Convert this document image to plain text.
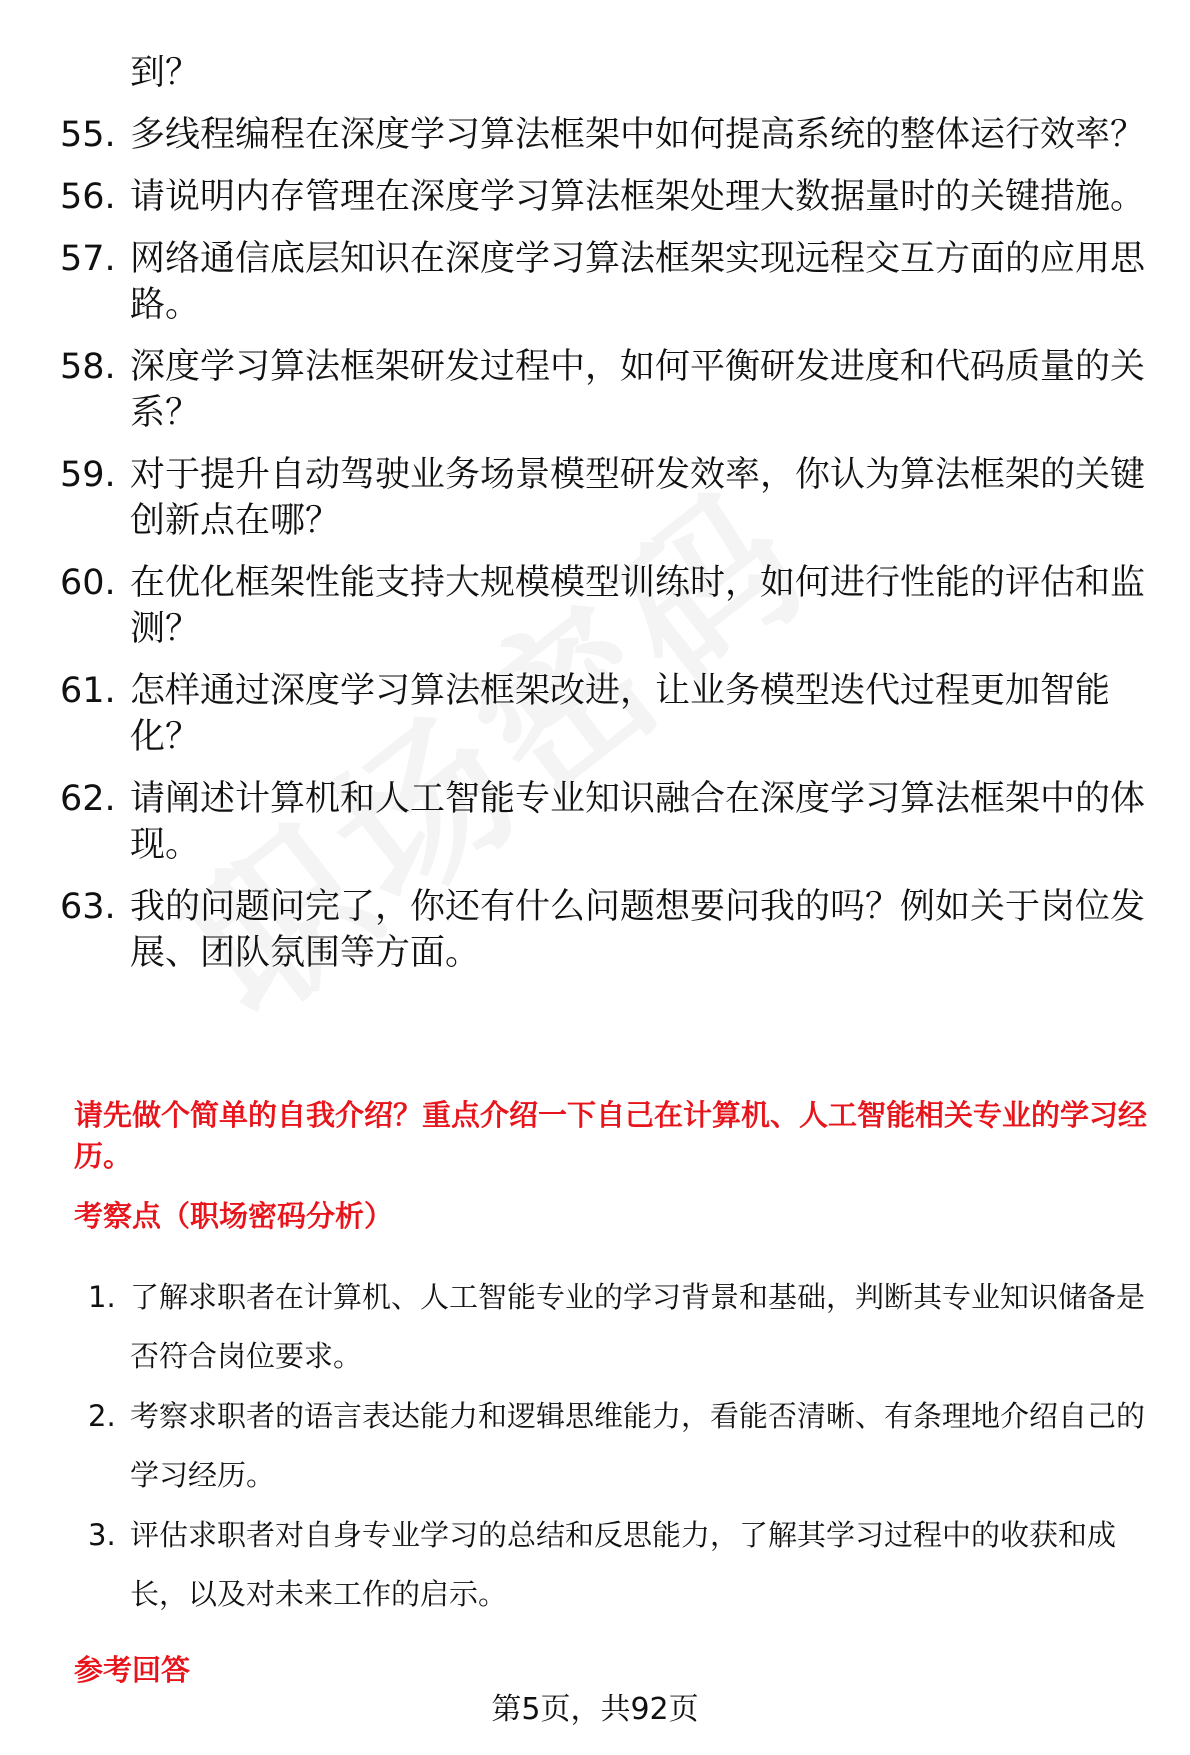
到？
55. 多线程编程在深度学习算法框架中如何提高系统的整体运行效率？
56. 请说明内存管理在深度学习算法框架处理大数据量时的关键措施。
57. 网络通信底层知识在深度学习算法框架实现远程交互方面的应用思路。
58. 深度学习算法框架研发过程中，如何平衡研发进度和代码质量的关系？
59. 对于提升自动驾驶业务场景模型研发效率，你认为算法框架的关键创新点在哪？
60. 在优化框架性能支持大规模模型训练时，如何进行性能的评估和监测？
61. 怎样通过深度学习算法框架改进，让业务模型迭代过程更加智能化？
62. 请阐述计算机和人工智能专业知识融合在深度学习算法框架中的体现。
63. 我的问题问完了，你还有什么问题想要问我的吗？例如关于岗位发展、团队氛围等方面。
请先做个简单的自我介绍？重点介绍一下自己在计算机、人工智能相关专业的学习经历。
考察点（职场密码分析）
1. 了解求职者在计算机、人工智能专业的学习背景和基础，判断其专业知识储备是否符合岗位要求。
2. 考察求职者的语言表达能力和逻辑思维能力，看能否清晰、有条理地介绍自己的学习经历。
3. 评估求职者对自身专业学习的总结和反思能力，了解其学习过程中的收获和成长，以及对未来工作的启示。
参考回答
第5页，共92页
